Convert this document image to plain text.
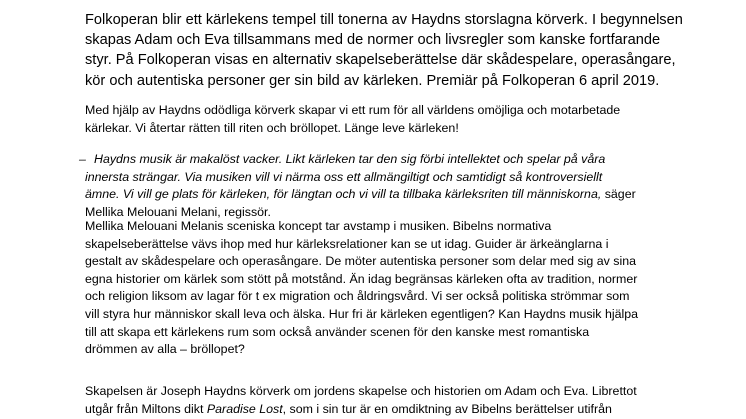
Folkoperan blir ett kärlekens tempel till tonerna av Haydns storslagna körverk. I begynnelsen
skapas Adam och Eva tillsammans med de normer och livsregler som kanske fortfarande
styr. På Folkoperan visas en alternativ skapelseberättelse där skådespelare, operasångare,
kör och autentiska personer ger sin bild av kärleken. Premiär på Folkoperan 6 april 2019.
Med hjälp av Haydns odödliga körverk skapar vi ett rum för all världens omöjliga och motarbetade
kärlekar. Vi återtar rätten till riten och bröllopet. Länge leve kärleken!
– Haydns musik är makalöst vacker. Likt kärleken tar den sig förbi intellektet och spelar på våra
innersta strängar. Via musiken vill vi närma oss ett allmängiltigt och samtidigt så kontroversiellt
ämne. Vi vill ge plats för kärleken, för längtan och vi vill ta tillbaka kärleksriten till människorna, säger
Mellika Melouani Melani, regissör.
Mellika Melouani Melanis sceniska koncept tar avstamp i musiken. Bibelns normativa
skapelseberättelse vävs ihop med hur kärleksrelationer kan se ut idag. Guider är ärkeänglarna i
gestalt av skådespelare och operasångare. De möter autentiska personer som delar med sig av sina
egna historier om kärlek som stött på motstånd. Än idag begränsas kärleken ofta av tradition, normer
och religion liksom av lagar för t ex migration och åldringsvård. Vi ser också politiska strömmar som
vill styra hur människor skall leva och älska. Hur fri är kärleken egentligen? Kan Haydns musik hjälpa
till att skapa ett kärlekens rum som också använder scenen för den kanske mest romantiska
drömmen av alla – bröllopet?
Skapelsen är Joseph Haydns körverk om jordens skapelse och historien om Adam och Eva. Librettot
utgår från Miltons dikt Paradise Lost, som i sin tur är en omdiktning av Bibelns berättelser utifrån
